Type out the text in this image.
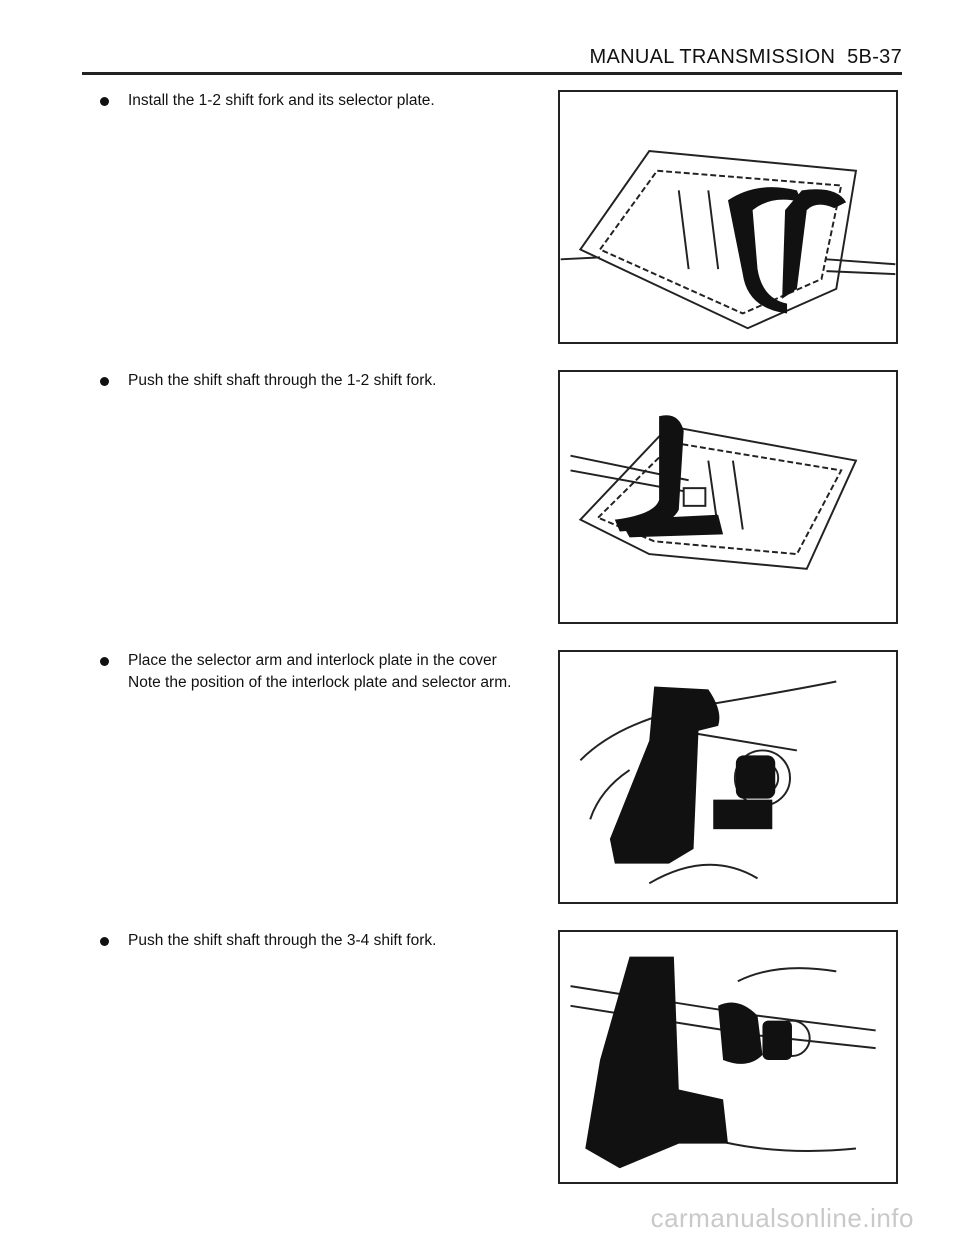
MANUAL TRANSMISSION 5B-37
Install the 1-2 shift fork and its selector plate.
Push the shift shaft through the 1-2 shift fork.
Place the selector arm and interlock plate in the cover
Note the position of the interlock plate and selector arm.
Push the shift shaft through the 3-4 shift fork.
carmanualsonline.info
